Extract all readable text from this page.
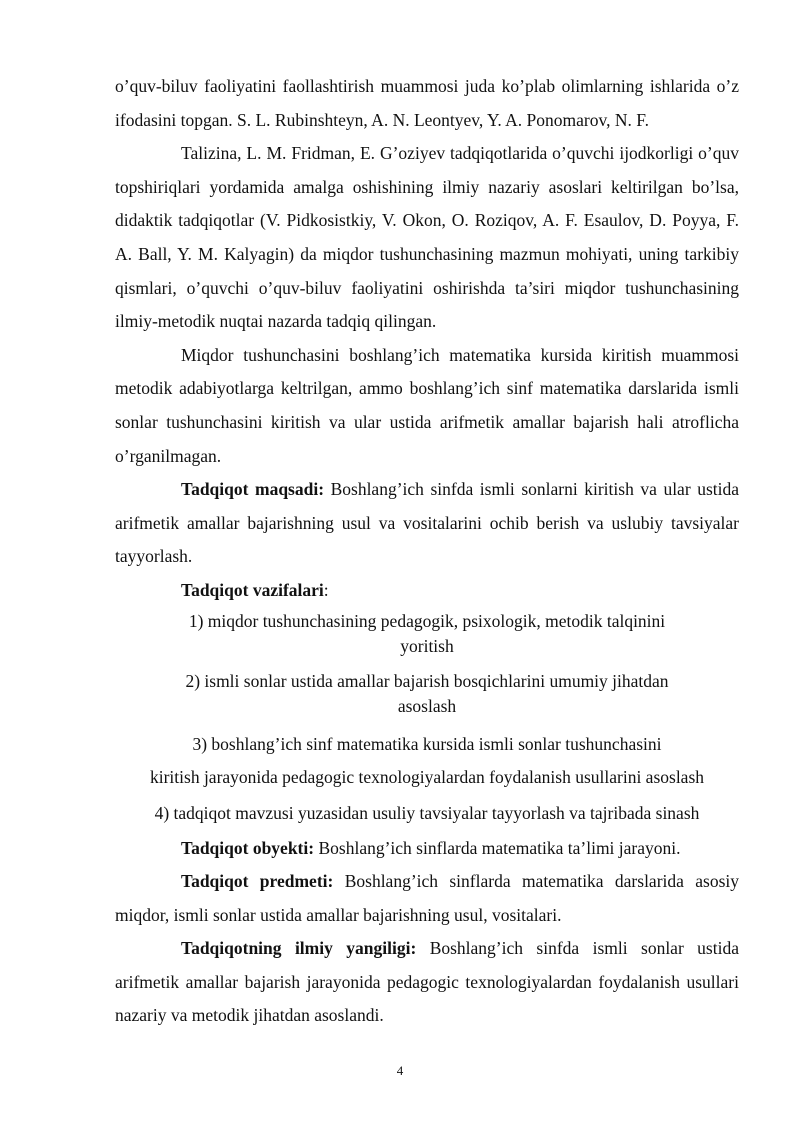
o’quv-biluv faoliyatini faollashtirish muammosi juda ko’plab olimlarning ishlarida o’z ifodasini topgan. S. L. Rubinshteyn, A. N. Leontyev, Y. A. Ponomarov, N. F.

Talizina, L. M. Fridman, E. G’oziyev tadqiqotlarida o’quvchi ijodkorligi o’quv topshiriqlari yordamida amalga oshishining ilmiy nazariy asoslari keltirilgan bo’lsa, didaktik tadqiqotlar (V. Pidkosistkiy, V. Okon, O. Roziqov, A. F. Esaulov, D. Poyya, F. A. Ball, Y. M. Kalyagin) da miqdor tushunchasining mazmun mohiyati, uning tarkibiy qismlari, o’quvchi o’quv-biluv faoliyatini oshirishda ta’siri miqdor tushunchasining ilmiy-metodik nuqtai nazarda tadqiq qilingan.

Miqdor tushunchasini boshlang’ich matematika kursida kiritish muammosi metodik adabiyotlarga keltrilgan, ammo boshlang’ich sinf matematika darslarida ismli sonlar tushunchasini kiritish va ular ustida arifmetik amallar bajarish hali atroflicha o’rganilmagan.

Tadqiqot maqsadi: Boshlang’ich sinfda ismli sonlarni kiritish va ular ustida arifmetik amallar bajarishning usul va vositalarini ochib berish va uslubiy tavsiyalar tayyorlash.

Tadqiqot vazifalari:

1) miqdor tushunchasining pedagogik, psixologik, metodik talqinini

yoritish

2) ismli sonlar ustida amallar bajarish bosqichlarini umumiy jihatdan

asoslash

3) boshlang’ich sinf matematika kursida ismli sonlar tushunchasini

kiritish jarayonida pedagogic texnologiyalardan foydalanish usullarini asoslash

4) tadqiqot mavzusi yuzasidan usuliy tavsiyalar tayyorlash va tajribada sinash

Tadqiqot obyekti: Boshlang’ich sinflarda matematika ta’limi jarayoni.

Tadqiqot predmeti: Boshlang’ich sinflarda matematika darslarida asosiy miqdor, ismli sonlar ustida amallar bajarishning usul, vositalari.

Tadqiqotning ilmiy yangiligi: Boshlang’ich sinfda ismli sonlar ustida arifmetik amallar bajarish jarayonida pedagogic texnologiyalardan foydalanish usullari nazariy va metodik jihatdan asoslandi.

4
